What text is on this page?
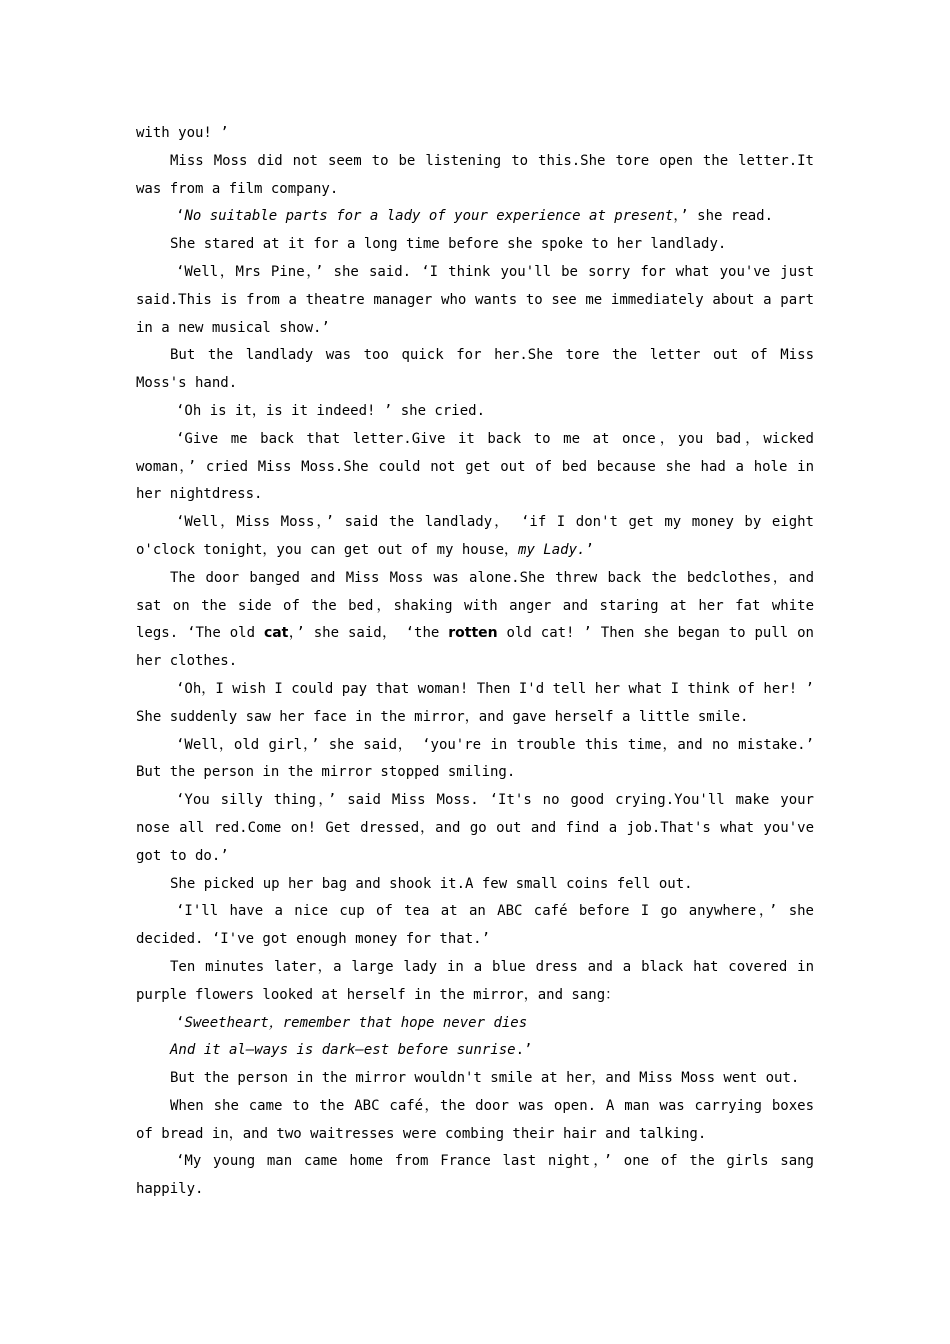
with you! ’

Miss Moss did not seem to be listening to this.She tore open the letter.It was from a film company.

‘No suitable parts for a lady of your experience at present，’ she read.

She stared at it for a long time before she spoke to her landlady.

‘Well，Mrs Pine，’ she said. ‘I think you'll be sorry for what you've just said.This is from a theatre manager who wants to see me immediately about a part in a new musical show.’

But the landlady was too quick for her.She tore the letter out of Miss Moss's hand.

‘Oh is it，is it indeed! ’ she cried.

‘Give me back that letter.Give it back to me at once，you bad，wicked woman，’ cried Miss Moss.She could not get out of bed because she had a hole in her nightdress.

‘Well，Miss Moss，’ said the landlady， ‘if I don't get my money by eight o'clock tonight，you can get out of my house，my Lady.’

The door banged and Miss Moss was alone.She threw back the bedclothes，and sat on the side of the bed，shaking with anger and staring at her fat white legs. ‘The old cat，’ she said， ‘the rotten old cat! ’ Then she began to pull on her clothes.

‘Oh，I wish I could pay that woman! Then I'd tell her what I think of her! ’ She suddenly saw her face in the mirror，and gave herself a little smile.

‘Well，old girl，’ she said， ‘you're in trouble this time，and no mistake.’ But the person in the mirror stopped smiling.

‘You silly thing，’ said Miss Moss. ‘It's no good crying.You'll make your nose all red.Come on! Get dressed，and go out and find a job.That's what you've got to do.’

She picked up her bag and shook it.A few small coins fell out.

‘I'll have a nice cup of tea at an ABC café before I go anywhere，’ she decided. ‘I've got enough money for that.’

Ten minutes later，a large lady in a blue dress and a black hat covered in purple flowers looked at herself in the mirror，and sang：

‘Sweetheart，remember that hope never dies

And it al—ways is dark—est before sunrise.’

But the person in the mirror wouldn't smile at her，and Miss Moss went out.

When she came to the ABC café，the door was open. A man was carrying boxes of bread in，and two waitresses were combing their hair and talking.

‘My young man came home from France last night，’ one of the girls sang happily.
